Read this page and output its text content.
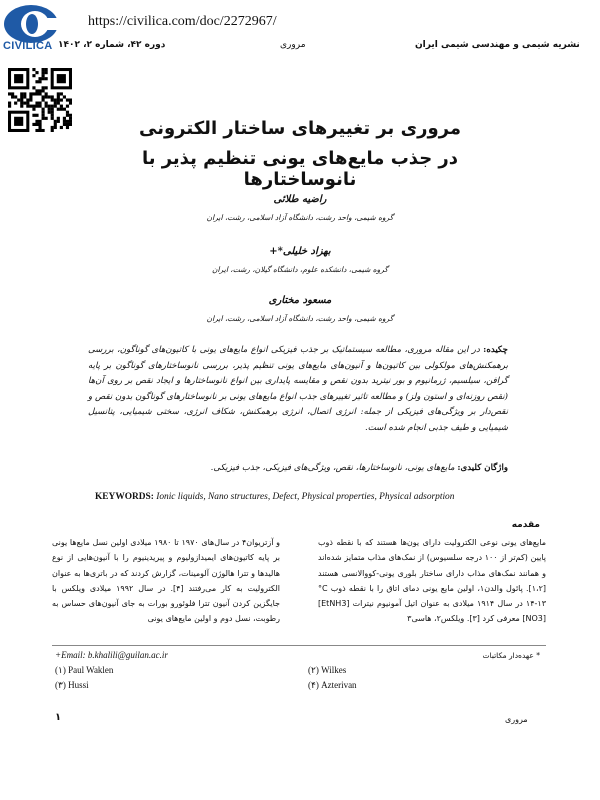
CIVILICA
https://civilica.com/doc/2272967/
نشریه شیمی و مهندسی شیمی ایران
مروری
دوره ۴۲، شماره ۲، ۱۴۰۲
مروری بر تغییرهای ساختار الکترونی
در جذب مایع‌های یونی تنظیم پذیر با نانوساختارها
راضیه طلائی
گروه شیمی، واحد رشت، دانشگاه آزاد اسلامی، رشت، ایران
بهزاد خلیلی*+
گروه شیمی، دانشکده علوم، دانشگاه گیلان، رشت، ایران
مسعود مختاری
گروه شیمی، واحد رشت، دانشگاه آزاد اسلامی، رشت، ایران
چکیده: در این مقاله مروری، مطالعه سیستماتیک بر جذب فیزیکی انواع مایع‌های یونی با کاتیون‌های گوناگون، بررسی برهمکنش‌های مولکولی بین کاتیون‌ها و آنیون‌های مایع‌های یونی تنظیم پذیر، بررسی نانوساختارهای گوناگون بر پایه گرافن، سیلسیم، ژرمانیوم و بور نیترید بدون نقص و مقایسه پایداری بین انواع نانوساختارها و ایجاد نقص بر روی آن‌ها (نقص روزنه‌ای و استون ولز) و مطالعه تاثیر تغییرهای جذب انواع مایع‌های یونی بر نانوساختارهای گوناگون بدون نقص و نقص‌دار بر ویژگی‌های فیزیکی از جمله: انرژی اتصال، انرژی برهمکنش، شکاف انرژی، سختی شیمیایی، پتانسیل شیمیایی و طیف جذبی انجام شده است.
واژگان کلیدی: مایع‌های یونی، نانوساختارها، نقص، ویژگی‌های فیزیکی، جذب فیزیکی.
KEYWORDS: Ionic liquids, Nano structures, Defect, Physical properties, Physical adsorption
مقدمه
مایع‌های یونی نوعی الکترولیت دارای یون‌ها هستند که با نقطه ذوب پایین (کم‌تر از ۱۰۰ درجه سلسیوس) از نمک‌های مذاب متمایز شده‌اند و همانند نمک‌های مذاب دارای ساختار بلوری یونی-کووالانسی هستند [۱،۲]. پائول والدن۱، اولین مایع یونی دمای اتاق را با نقطه ذوب ‎°C‎ ۱۴-۱۳ در سال ۱۹۱۴ میلادی به عنوان اتیل آمونیوم نیترات [EtNH3][NO3] معرفی کرد [۳]. ویلکس۲، هاسی۳
و آزتریوان۴ در سال‌های ۱۹۷۰ تا ۱۹۸۰ میلادی اولین نسل مایع‌ها یونی بر پایه کاتیون‌های ایمیدازولیوم و پیریدینیوم را با آنیون‌هایی از نوع هالیدها و تترا هالوژن آلومینات، گزارش کردند که در باتری‌ها به عنوان الکترولیت به کار می‌رفتند [۴]. در سال ۱۹۹۲ میلادی ویلکس با جایگزین کردن آنیون تترا فلوئورو بورات به جای آنیون‌های حساس به رطوبت، نسل دوم و اولین مایع‌های یونی
* عهده‌دار مکاتبات
+Email: b.khalili@guilan.ac.ir
(۱) Paul Waklen	(۲) Wilkes
(۳) Hussi	(۴) Azterivan
۱	مروری
